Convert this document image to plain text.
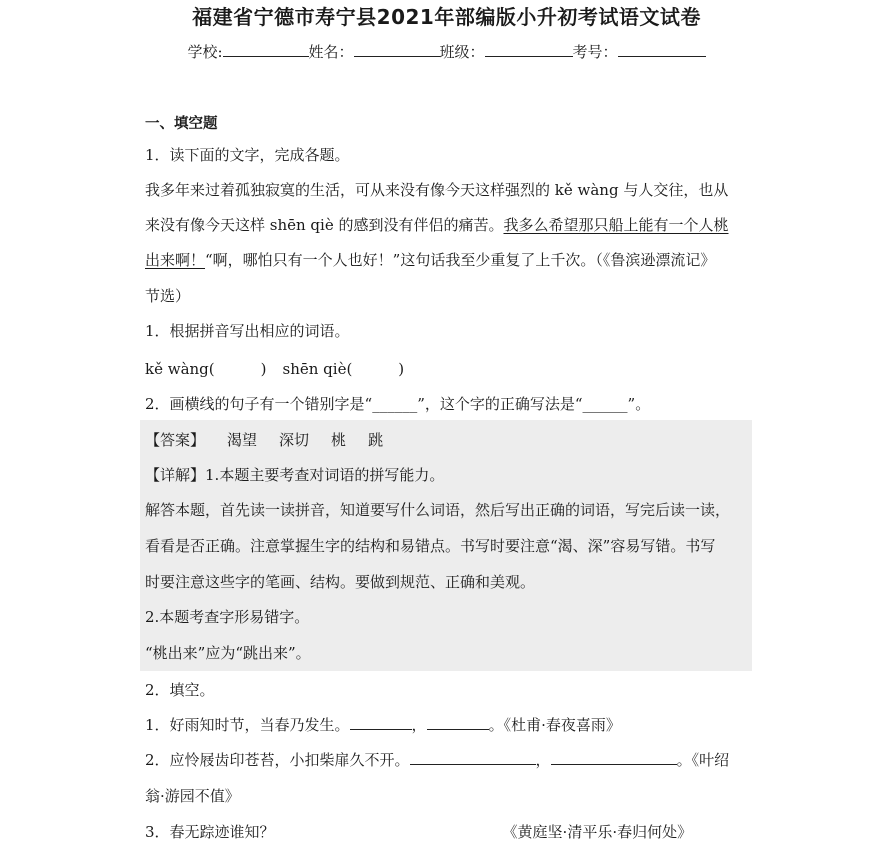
福建省宁德市寿宁县2021年部编版小升初考试语文试卷
学校:	姓名：	班级：	考号：
一、填空题
1．读下面的文字，完成各题。
我多年来过着孤独寂寞的生活，可从来没有像今天这样强烈的 kě wàng 与人交往，也从
来没有像今天这样 shēn qiè 的感到没有伴侣的痛苦。我多么希望那只船上能有一个人桃
出来啊！“啊，哪怕只有一个人也好！”这句话我至少重复了上千次。（《鲁滨逊漂流记》
节选）
1．根据拼音写出相应的词语。
kě wàng(	) shēn qiè(	)
2．画横线的句子有一个错别字是“______”，这个字的正确写法是“______”。
【答案】 渴望 深切 桃 跳
【详解】1.本题主要考查对词语的拼写能力。
解答本题，首先读一读拼音，知道要写什么词语，然后写出正确的词语，写完后读一读，
看看是否正确。注意掌握生字的结构和易错点。书写时要注意“渴、深”容易写错。书写
时要注意这些字的笔画、结构。要做到规范、正确和美观。
2.本题考查字形易错字。
“桃出来”应为“跳出来”。
2．填空。
1．好雨知时节，当春乃发生。	，	。《杜甫·春夜喜雨》
2．应怜屐齿印苍苔，小扣柴扉久不开。	，	。《叶绍
翁·游园不值》
3．春无踪迹谁知？	《黄庭坚·清平乐·春归何处》
